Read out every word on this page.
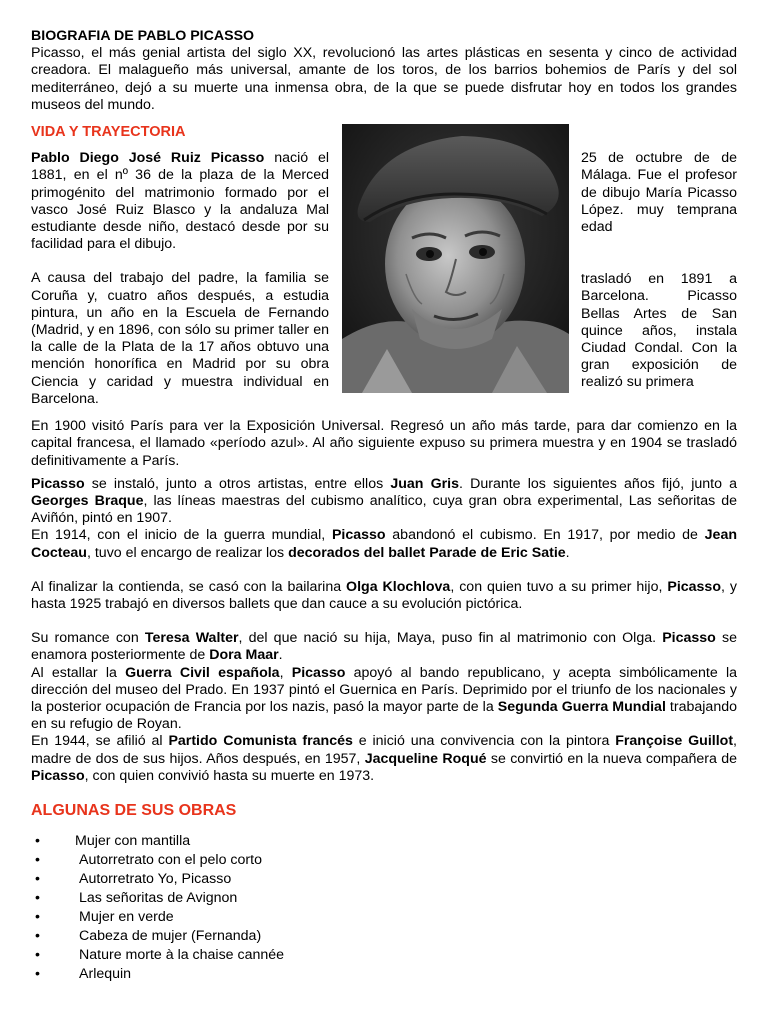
BIOGRAFIA DE PABLO PICASSO

Picasso, el más genial artista del siglo XX, revolucionó las artes plásticas en sesenta y cinco de actividad creadora. El malagueño más universal, amante de los toros, de los barrios bohemios de París y del sol mediterráneo, dejó a su muerte una inmensa obra, de la que se puede disfrutar hoy en todos los grandes museos del mundo.

VIDA Y TRAYECTORIA

Pablo Diego José Ruiz Picasso nació el 1881, en el nº 36 de la plaza de la Merced primogénito del matrimonio formado por el vasco José Ruiz Blasco y la andaluza Mal estudiante desde niño, destacó desde por su facilidad para el dibujo.

A causa del trabajo del padre, la familia se Coruña y, cuatro años después, a estudia pintura, un año en la Escuela de Fernando (Madrid, y en 1896, con sólo su primer taller en la calle de la Plata de la 17 años obtuvo una mención honorífica en Madrid por su obra Ciencia y caridad y muestra individual en Barcelona.

25 de octubre de de Málaga. Fue el profesor de dibujo María Picasso López. muy temprana edad

trasladó en 1891 a Barcelona. Picasso Bellas Artes de San quince años, instala Ciudad Condal. Con la gran exposición de realizó su primera

En 1900 visitó París para ver la Exposición Universal. Regresó un año más tarde, para dar comienzo en la capital francesa, el llamado «período azul». Al año siguiente expuso su primera muestra y en 1904 se trasladó definitivamente a París.

Picasso se instaló, junto a otros artistas, entre ellos Juan Gris. Durante los siguientes años fijó, junto a Georges Braque, las líneas maestras del cubismo analítico, cuya gran obra experimental, Las señoritas de Aviñón, pintó en 1907.

En 1914, con el inicio de la guerra mundial, Picasso abandonó el cubismo. En 1917, por medio de Jean Cocteau, tuvo el encargo de realizar los decorados del ballet Parade de Eric Satie.

Al finalizar la contienda, se casó con la bailarina Olga Klochlova, con quien tuvo a su primer hijo, Picasso, y hasta 1925 trabajó en diversos ballets que dan cauce a su evolución pictórica.

Su romance con Teresa Walter, del que nació su hija, Maya, puso fin al matrimonio con Olga. Picasso se enamora posteriormente de Dora Maar.

Al estallar la Guerra Civil española, Picasso apoyó al bando republicano, y acepta simbólicamente la dirección del museo del Prado. En 1937 pintó el Guernica en París. Deprimido por el triunfo de los nacionales y la posterior ocupación de Francia por los nazis, pasó la mayor parte de la Segunda Guerra Mundial trabajando en su refugio de Royan.

En 1944, se afilió al Partido Comunista francés e inició una convivencia con la pintora Françoise Guillot, madre de dos de sus hijos. Años después, en 1957, Jacqueline Roqué se convirtió en la nueva compañera de Picasso, con quien convivió hasta su muerte en 1973.

ALGUNAS DE SUS OBRAS

• Mujer con mantilla
•	Autorretrato con el pelo corto
•	Autorretrato Yo, Picasso
•	Las señoritas de Avignon
•	Mujer en verde
•	Cabeza de mujer (Fernanda)
•	Nature morte à la chaise cannée
•	Arlequin
